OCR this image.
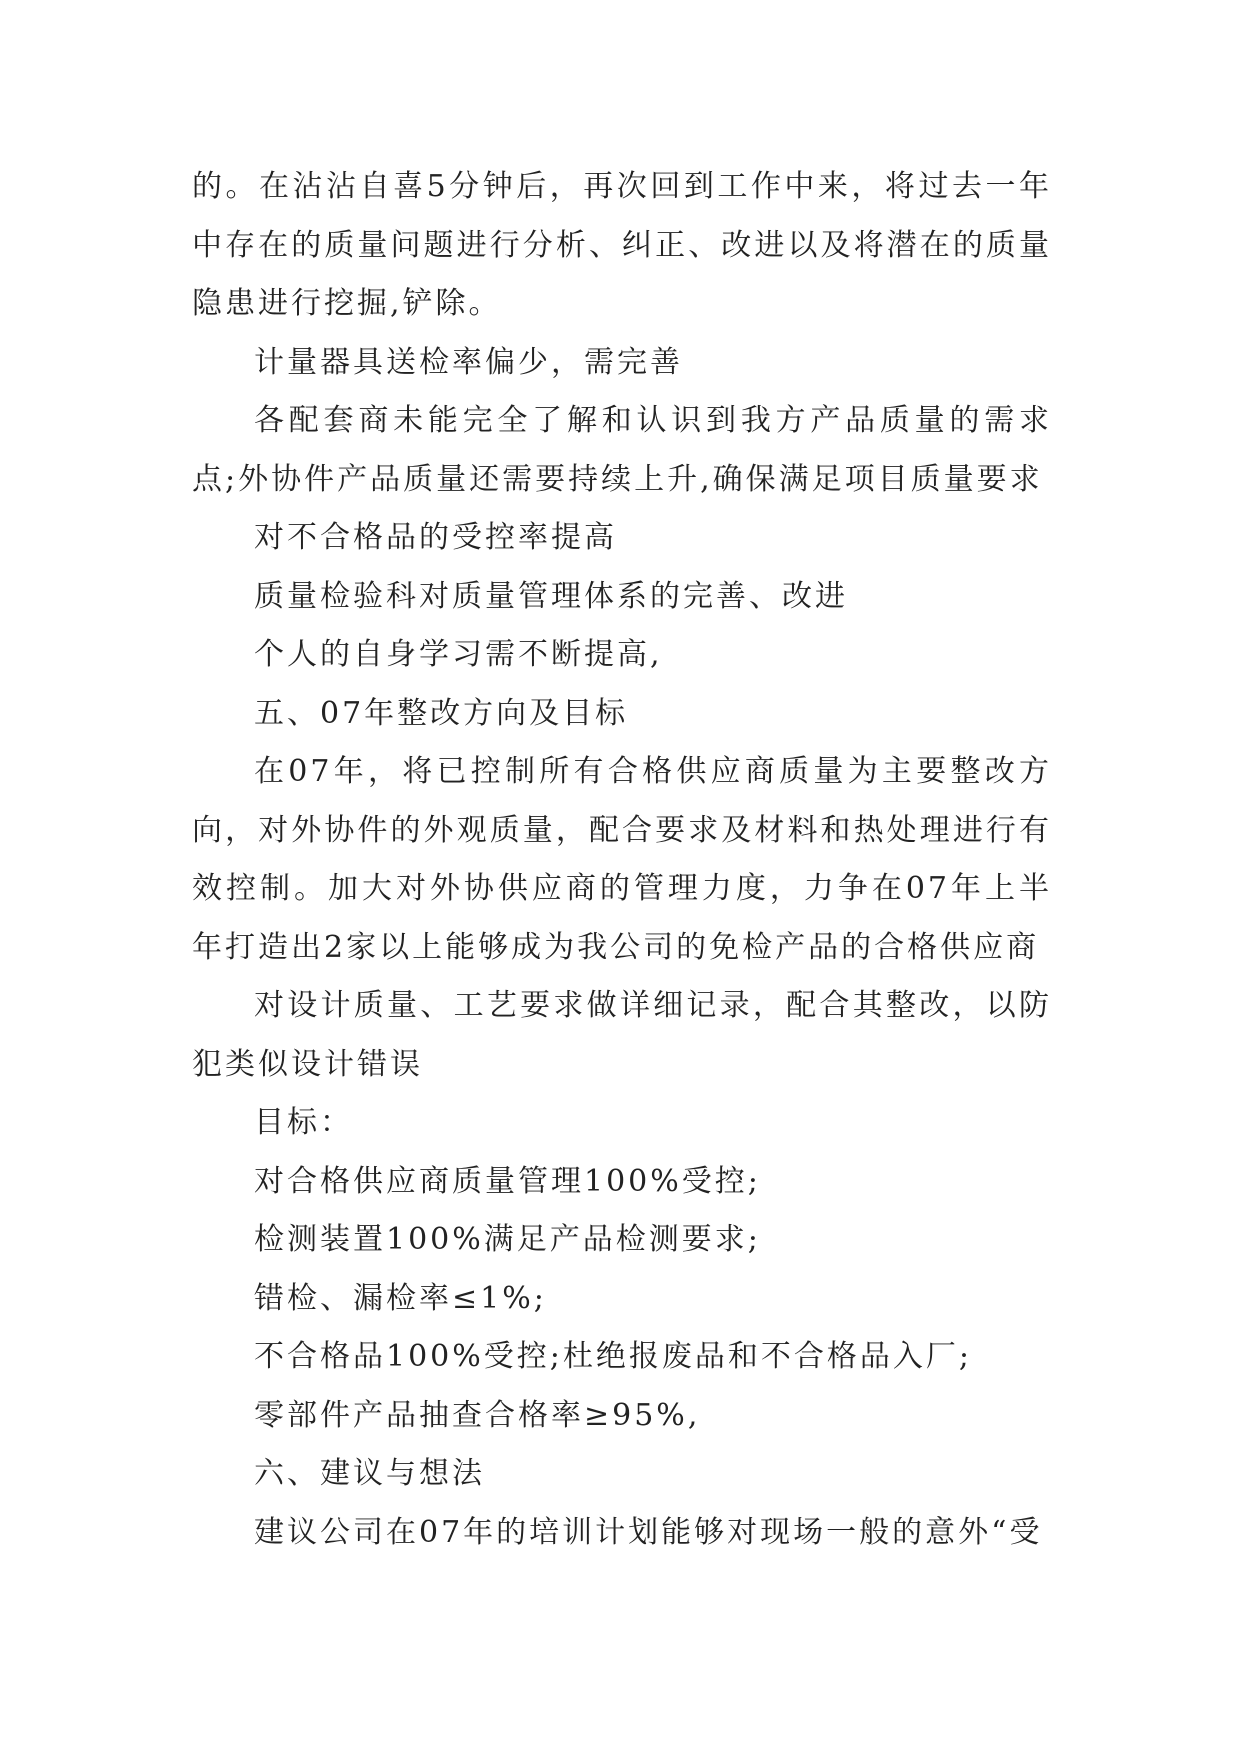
的。在沾沾自喜5分钟后，再次回到工作中来，将过去一年中存在的质量问题进行分析、纠正、改进以及将潜在的质量隐患进行挖掘,铲除。

计量器具送检率偏少，需完善

各配套商未能完全了解和认识到我方产品质量的需求点;外协件产品质量还需要持续上升,确保满足项目质量要求

对不合格品的受控率提高

质量检验科对质量管理体系的完善、改进

个人的自身学习需不断提高,

五、07年整改方向及目标

在07年，将已控制所有合格供应商质量为主要整改方向，对外协件的外观质量，配合要求及材料和热处理进行有效控制。加大对外协供应商的管理力度，力争在07年上半年打造出2家以上能够成为我公司的免检产品的合格供应商

对设计质量、工艺要求做详细记录，配合其整改，以防犯类似设计错误

目标：

对合格供应商质量管理100%受控;

检测装置100%满足产品检测要求;

错检、漏检率≤1%;

不合格品100%受控;杜绝报废品和不合格品入厂;

零部件产品抽查合格率≥95%,

六、建议与想法

建议公司在07年的培训计划能够对现场一般的意外“受
